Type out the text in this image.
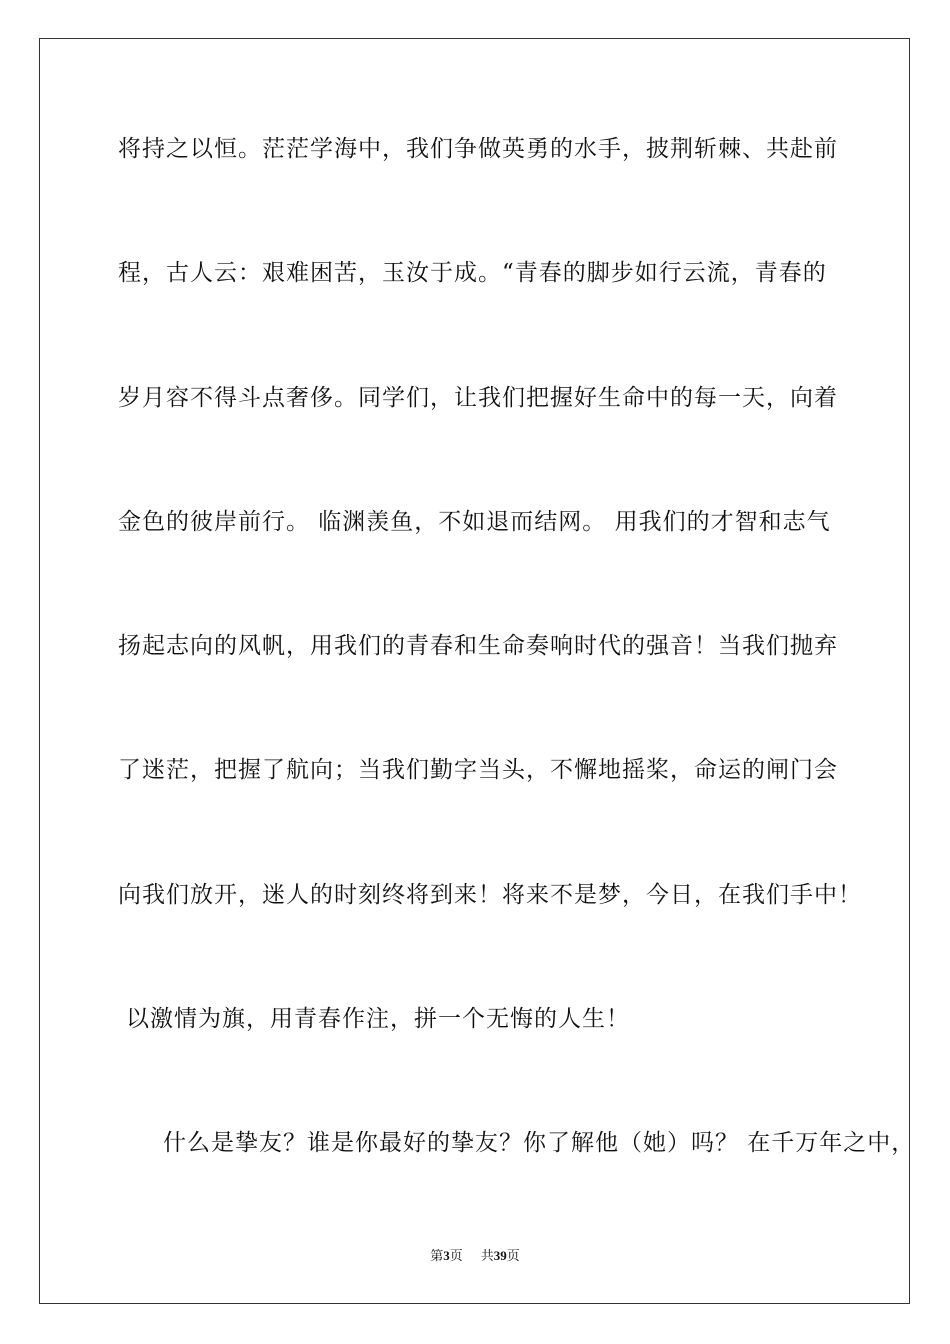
将持之以恒。茫茫学海中，我们争做英勇的水手，披荆斩棘、共赴前
程，古人云：艰难困苦，玉汝于成。“青春的脚步如行云流，青春的
岁月容不得斗点奢侈。同学们，让我们把握好生命中的每一天，向着
金色的彼岸前行。 临渊羡鱼，不如退而结网。 用我们的才智和志气
扬起志向的风帆，用我们的青春和生命奏响时代的强音！当我们抛弃
了迷茫，把握了航向；当我们勤字当头，不懈地摇桨，命运的闸门会
向我们放开，迷人的时刻终将到来！将来不是梦，今日，在我们手中！
以激情为旗，用青春作注，拼一个无悔的人生！
什么是挚友？谁是你最好的挚友？你了解他（她）吗？ 在千万年之中，
第3页 共39页
